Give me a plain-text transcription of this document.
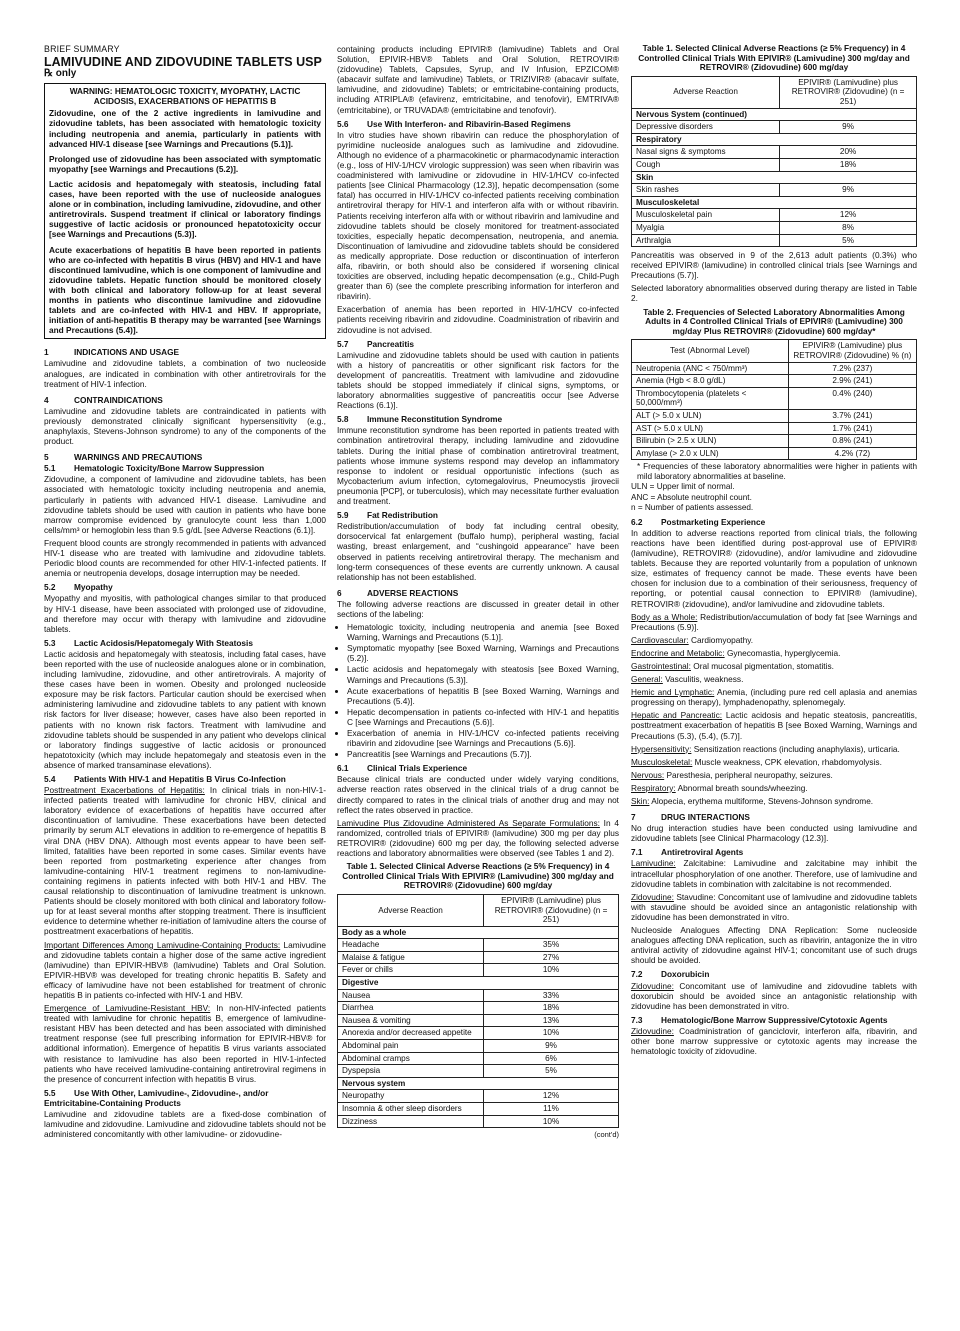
BRIEF SUMMARY
LAMIVUDINE AND ZIDOVUDINE TABLETS USP
℞ only
WARNING: HEMATOLOGIC TOXICITY, MYOPATHY, LACTIC ACIDOSIS, EXACERBATIONS OF HEPATITIS B

Zidovudine, one of the 2 active ingredients in lamivudine and zidovudine tablets, has been associated with hematologic toxicity including neutropenia and anemia, particularly in patients with advanced HIV-1 disease [see Warnings and Precautions (5.1)].

Prolonged use of zidovudine has been associated with symptomatic myopathy [see Warnings and Precautions (5.2)].

Lactic acidosis and hepatomegaly with steatosis, including fatal cases, have been reported with the use of nucleoside analogues alone or in combination, including lamivudine, zidovudine, and other antiretrovirals. Suspend treatment if clinical or laboratory findings suggestive of lactic acidosis or pronounced hepatotoxicity occur [see Warnings and Precautions (5.3)].

Acute exacerbations of hepatitis B have been reported in patients who are co-infected with hepatitis B virus (HBV) and HIV-1 and have discontinued lamivudine, which is one component of lamivudine and zidovudine tablets. Hepatic function should be monitored closely with both clinical and laboratory follow-up for at least several months in patients who discontinue lamivudine and zidovudine tablets and are co-infected with HIV-1 and HBV. If appropriate, initiation of anti-hepatitis B therapy may be warranted [see Warnings and Precautions (5.4)].

1	INDICATIONS AND USAGE

Lamivudine and zidovudine tablets, a combination of two nucleoside analogues, are indicated in combination with other antiretrovirals for the treatment of HIV-1 infection.

4	CONTRAINDICATIONS

Lamivudine and zidovudine tablets are contraindicated in patients with previously demonstrated clinically significant hypersensitivity (e.g., anaphylaxis, Stevens-Johnson syndrome) to any of the components of the product.

5	WARNINGS AND PRECAUTIONS
5.1 Hematologic Toxicity/Bone Marrow Suppression

Zidovudine, a component of lamivudine and zidovudine tablets, has been associated with hematologic toxicity including neutropenia and anemia, particularly in patients with advanced HIV-1 disease. Lamivudine and zidovudine tablets should be used with caution in patients who have bone marrow compromise evidenced by granulocyte count less than 1,000 cells/mm³ or hemoglobin less than 9.5 g/dL [see Adverse Reactions (6.1)].

Frequent blood counts are strongly recommended in patients with advanced HIV-1 disease who are treated with lamivudine and zidovudine tablets. Periodic blood counts are recommended for other HIV-1-infected patients. If anemia or neutropenia develops, dosage interruption may be needed.

5.2 Myopathy

Myopathy and myositis, with pathological changes similar to that produced by HIV-1 disease, have been associated with prolonged use of zidovudine, and therefore may occur with therapy with lamivudine and zidovudine tablets.

5.3 Lactic Acidosis/Hepatomegaly With Steatosis

Lactic acidosis and hepatomegaly with steatosis, including fatal cases, have been reported with the use of nucleoside analogues alone or in combination, including lamivudine, zidovudine, and other antiretrovirals. A majority of these cases have been in women. Obesity and prolonged nucleoside exposure may be risk factors. Particular caution should be exercised when administering lamivudine and zidovudine tablets to any patient with known risk factors for liver disease; however, cases have also been reported in patients with no known risk factors. Treatment with lamivudine and zidovudine tablets should be suspended in any patient who develops clinical or laboratory findings suggestive of lactic acidosis or pronounced hepatotoxicity (which may include hepatomegaly and steatosis even in the absence of marked transaminase elevations).

5.4 Patients With HIV-1 and Hepatitis B Virus Co-Infection

Posttreatment Exacerbations of Hepatitis: In clinical trials in non-HIV-1-infected patients treated with lamivudine for chronic HBV, clinical and laboratory evidence of exacerbations of hepatitis have occurred after discontinuation of lamivudine. These exacerbations have been detected primarily by serum ALT elevations in addition to re-emergence of hepatitis B viral DNA (HBV DNA). Although most events appear to have been self-limited, fatalities have been reported in some cases. Similar events have been reported from postmarketing experience after changes from lamivudine-containing HIV-1 treatment regimens to non-lamivudine-containing regimens in patients infected with both HIV-1 and HBV. The causal relationship to discontinuation of lamivudine treatment is unknown. Patients should be closely monitored with both clinical and laboratory follow-up for at least several months after stopping treatment. There is insufficient evidence to determine whether re-initiation of lamivudine alters the course of posttreatment exacerbations of hepatitis.

Important Differences Among Lamivudine-Containing Products: Lamivudine and zidovudine tablets contain a higher dose of the same active ingredient (lamivudine) than EPIVIR-HBV® (lamivudine) Tablets and Oral Solution. EPIVIR-HBV® was developed for treating chronic hepatitis B. Safety and efficacy of lamivudine have not been established for treatment of chronic hepatitis B in patients co-infected with HIV-1 and HBV.

Emergence of Lamivudine-Resistant HBV: In non-HIV-infected patients treated with lamivudine for chronic hepatitis B, emergence of lamivudine-resistant HBV has been detected and has been associated with diminished treatment response (see full prescribing information for EPIVIR-HBV® for additional information). Emergence of hepatitis B virus variants associated with resistance to lamivudine has also been reported in HIV-1-infected patients who have received lamivudine-containing antiretroviral regimens in the presence of concurrent infection with hepatitis B virus.

5.5 Use With Other, Lamivudine-, Zidovudine-, and/or Emtricitabine-Containing Products

Lamivudine and zidovudine tablets are a fixed-dose combination of lamivudine and zidovudine. Lamivudine and zidovudine tablets should not be administered concomitantly with other lamivudine- or zidovudine-

containing products including EPIVIR® (lamivudine) Tablets and Oral Solution, EPIVIR-HBV® Tablets and Oral Solution, RETROVIR® (zidovudine) Tablets, Capsules, Syrup, and IV Infusion, EPZICOM® (abacavir sulfate and lamivudine) Tablets, or TRIZIVIR® (abacavir sulfate, lamivudine, and zidovudine) Tablets; or emtricitabine-containing products, including ATRIPLA® (efavirenz, emtricitabine, and tenofovir), EMTRIVA® (emtricitabine), or TRUVADA® (emtricitabine and tenofovir).

5.6 Use With Interferon- and Ribavirin-Based Regimens

In vitro studies have shown ribavirin can reduce the phosphorylation of pyrimidine nucleoside analogues such as lamivudine and zidovudine. Although no evidence of a pharmacokinetic or pharmacodynamic interaction (e.g., loss of HIV-1/HCV virologic suppression) was seen when ribavirin was coadministered with lamivudine or zidovudine in HIV-1/HCV co-infected patients [see Clinical Pharmacology (12.3)], hepatic decompensation (some fatal) has occurred in HIV-1/HCV co-infected patients receiving combination antiretroviral therapy for HIV-1 and interferon alfa with or without ribavirin. Patients receiving interferon alfa with or without ribavirin and lamivudine and zidovudine tablets should be closely monitored for treatment-associated toxicities, especially hepatic decompensation, neutropenia, and anemia. Discontinuation of lamivudine and zidovudine tablets should be considered as medically appropriate. Dose reduction or discontinuation of interferon alfa, ribavirin, or both should also be considered if worsening clinical toxicities are observed, including hepatic decompensation (e.g., Child-Pugh greater than 6) (see the complete prescribing information for interferon and ribavirin).

Exacerbation of anemia has been reported in HIV-1/HCV co-infected patients receiving ribavirin and zidovudine. Coadministration of ribavirin and zidovudine is not advised.

5.7 Pancreatitis

Lamivudine and zidovudine tablets should be used with caution in patients with a history of pancreatitis or other significant risk factors for the development of pancreatitis. Treatment with lamivudine and zidovudine tablets should be stopped immediately if clinical signs, symptoms, or laboratory abnormalities suggestive of pancreatitis occur [see Adverse Reactions (6.1)].

5.8 Immune Reconstitution Syndrome

Immune reconstitution syndrome has been reported in patients treated with combination antiretroviral therapy, including lamivudine and zidovudine tablets. During the initial phase of combination antiretroviral treatment, patients whose immune systems respond may develop an inflammatory response to indolent or residual opportunistic infections (such as Mycobacterium avium infection, cytomegalovirus, Pneumocystis jirovecii pneumonia [PCP], or tuberculosis), which may necessitate further evaluation and treatment.

5.9 Fat Redistribution

Redistribution/accumulation of body fat including central obesity, dorsocervical fat enlargement (buffalo hump), peripheral wasting, facial wasting, breast enlargement, and “cushingoid appearance” have been observed in patients receiving antiretroviral therapy. The mechanism and long-term consequences of these events are currently unknown. A causal relationship has not been established.

6	ADVERSE REACTIONS

The following adverse reactions are discussed in greater detail in other sections of the labeling:

• Hematologic toxicity, including neutropenia and anemia [see Boxed Warning, Warnings and Precautions (5.1)].
• Symptomatic myopathy [see Boxed Warning, Warnings and Precautions (5.2)].
• Lactic acidosis and hepatomegaly with steatosis [see Boxed Warning, Warnings and Precautions (5.3)].
• Acute exacerbations of hepatitis B [see Boxed Warning, Warnings and Precautions (5.4)].
• Hepatic decompensation in patients co-infected with HIV-1 and hepatitis C [see Warnings and Precautions (5.6)].
• Exacerbation of anemia in HIV-1/HCV co-infected patients receiving ribavirin and zidovudine [see Warnings and Precautions (5.6)].
• Pancreatitis [see Warnings and Precautions (5.7)].
6.1 Clinical Trials Experience

Because clinical trials are conducted under widely varying conditions, adverse reaction rates observed in the clinical trials of a drug cannot be directly compared to rates in the clinical trials of another drug and may not reflect the rates observed in practice.

Lamivudine Plus Zidovudine Administered As Separate Formulations: In 4 randomized, controlled trials of EPIVIR® (lamivudine) 300 mg per day plus RETROVIR® (zidovudine) 600 mg per day, the following selected adverse reactions and laboratory abnormalities were observed (see Tables 1 and 2).

Table 1. Selected Clinical Adverse Reactions (≥ 5% Frequency) in 4 Controlled Clinical Trials With EPIVIR® (Lamivudine) 300 mg/day and RETROVIR® (Zidovudine) 600 mg/day
Adverse Reaction	EPIVIR® (Lamivudine) plus RETROVIR® (Zidovudine) (n = 251)
Body as a whole	
Headache	35%
Malaise & fatigue	27%
Fever or chills	10%
Digestive	
Nausea	33%
Diarrhea	18%
Nausea & vomiting	13%
Anorexia and/or decreased appetite	10%
Abdominal pain	9%
Abdominal cramps	6%
Dyspepsia	5%
Nervous system	
Neuropathy	12%
Insomnia & other sleep disorders	11%
Dizziness	10%
(cont'd)
Table 1. Selected Clinical Adverse Reactions (≥ 5% Frequency) in 4 Controlled Clinical Trials With EPIVIR® (Lamivudine) 300 mg/day and RETROVIR® (Zidovudine) 600 mg/day
Adverse Reaction	EPIVIR® (Lamivudine) plus RETROVIR® (Zidovudine) (n = 251)
Nervous System (continued)	
Depressive disorders	9%
Respiratory	
Nasal signs & symptoms	20%
Cough	18%
Skin	
Skin rashes	9%
Musculoskeletal	
Musculoskeletal pain	12%
Myalgia	8%
Arthralgia	5%

Pancreatitis was observed in 9 of the 2,613 adult patients (0.3%) who received EPIVIR® (lamivudine) in controlled clinical trials [see Warnings and Precautions (5.7)].

Selected laboratory abnormalities observed during therapy are listed in Table 2.

Table 2. Frequencies of Selected Laboratory Abnormalities Among Adults in 4 Controlled Clinical Trials of EPIVIR® (Lamivudine) 300 mg/day Plus RETROVIR® (Zidovudine) 600 mg/day*
Test (Abnormal Level)	EPIVIR® (Lamivudine) plus RETROVIR® (Zidovudine) % (n)
Neutropenia (ANC < 750/mm³)	7.2% (237)
Anemia (Hgb < 8.0 g/dL)	2.9% (241)
Thrombocytopenia (platelets < 50,000/mm³)	0.4% (240)
ALT (> 5.0 x ULN)	3.7% (241)
AST (> 5.0 x ULN)	1.7% (241)
Bilirubin (> 2.5 x ULN)	0.8% (241)
Amylase (> 2.0 x ULN)	4.2% (72)

* Frequencies of these laboratory abnormalities were higher in patients with mild laboratory abnormalities at baseline.

ULN = Upper limit of normal.

ANC = Absolute neutrophil count.

n = Number of patients assessed.

6.2 Postmarketing Experience

In addition to adverse reactions reported from clinical trials, the following reactions have been identified during post-approval use of EPIVIR® (lamivudine), RETROVIR® (zidovudine), and/or lamivudine and zidovudine tablets. Because they are reported voluntarily from a population of unknown size, estimates of frequency cannot be made. These events have been chosen for inclusion due to a combination of their seriousness, frequency of reporting, or potential causal connection to EPIVIR® (lamivudine), RETROVIR® (zidovudine), and/or lamivudine and zidovudine tablets.

Body as a Whole: Redistribution/accumulation of body fat [see Warnings and Precautions (5.9)].

Cardiovascular: Cardiomyopathy.

Endocrine and Metabolic: Gynecomastia, hyperglycemia.

Gastrointestinal: Oral mucosal pigmentation, stomatitis.

General: Vasculitis, weakness.

Hemic and Lymphatic: Anemia, (including pure red cell aplasia and anemias progressing on therapy), lymphadenopathy, splenomegaly.

Hepatic and Pancreatic: Lactic acidosis and hepatic steatosis, pancreatitis, posttreatment exacerbation of hepatitis B [see Boxed Warning, Warnings and Precautions (5.3), (5.4), (5.7)].

Hypersensitivity: Sensitization reactions (including anaphylaxis), urticaria.

Musculoskeletal: Muscle weakness, CPK elevation, rhabdomyolysis.

Nervous: Paresthesia, peripheral neuropathy, seizures.

Respiratory: Abnormal breath sounds/wheezing.

Skin: Alopecia, erythema multiforme, Stevens-Johnson syndrome.

7	DRUG INTERACTIONS

No drug interaction studies have been conducted using lamivudine and zidovudine tablets [see Clinical Pharmacology (12.3)].

7.1 Antiretroviral Agents

Lamivudine: Zalcitabine: Lamivudine and zalcitabine may inhibit the intracellular phosphorylation of one another. Therefore, use of lamivudine and zidovudine tablets in combination with zalcitabine is not recommended.

Zidovudine: Stavudine: Concomitant use of lamivudine and zidovudine tablets with stavudine should be avoided since an antagonistic relationship with zidovudine has been demonstrated in vitro.

Nucleoside Analogues Affecting DNA Replication: Some nucleoside analogues affecting DNA replication, such as ribavirin, antagonize the in vitro antiviral activity of zidovudine against HIV-1; concomitant use of such drugs should be avoided.

7.2 Doxorubicin

Zidovudine: Concomitant use of lamivudine and zidovudine tablets with doxorubicin should be avoided since an antagonistic relationship with zidovudine has been demonstrated in vitro.

7.3 Hematologic/Bone Marrow Suppressive/Cytotoxic Agents

Zidovudine: Coadministration of ganciclovir, interferon alfa, ribavirin, and other bone marrow suppressive or cytotoxic agents may increase the hematologic toxicity of zidovudine.
